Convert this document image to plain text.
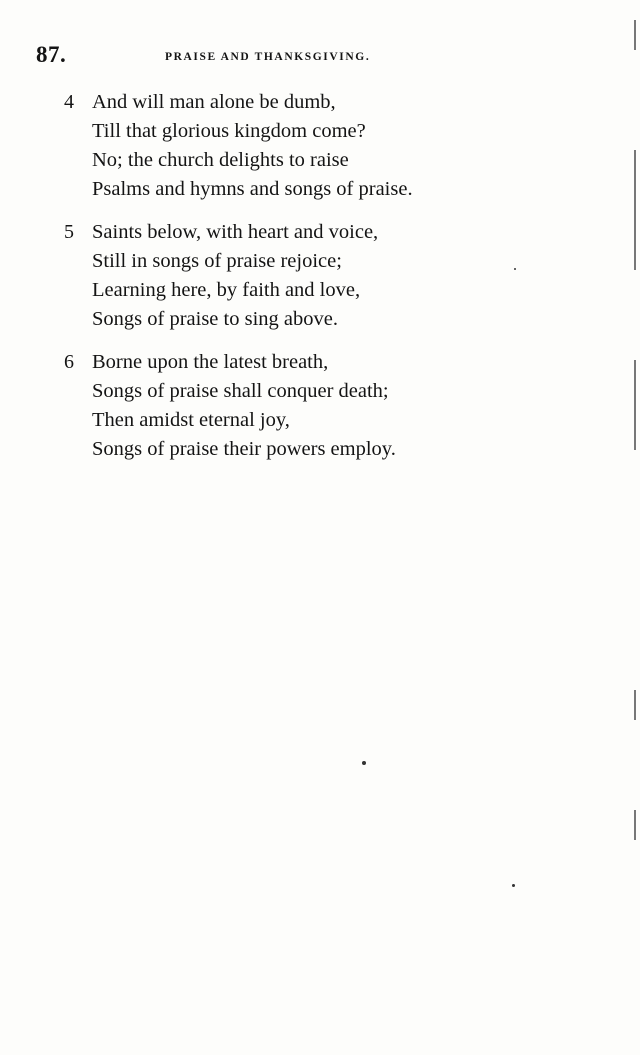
87.	PRAISE AND THANKSGIVING.
4 And will man alone be dumb,
Till that glorious kingdom come?
No; the church delights to raise
Psalms and hymns and songs of praise.
5 Saints below, with heart and voice,
Still in songs of praise rejoice;
Learning here, by faith and love,
Songs of praise to sing above.
6 Borne upon the latest breath,
Songs of praise shall conquer death;
Then amidst eternal joy,
Songs of praise their powers employ.
